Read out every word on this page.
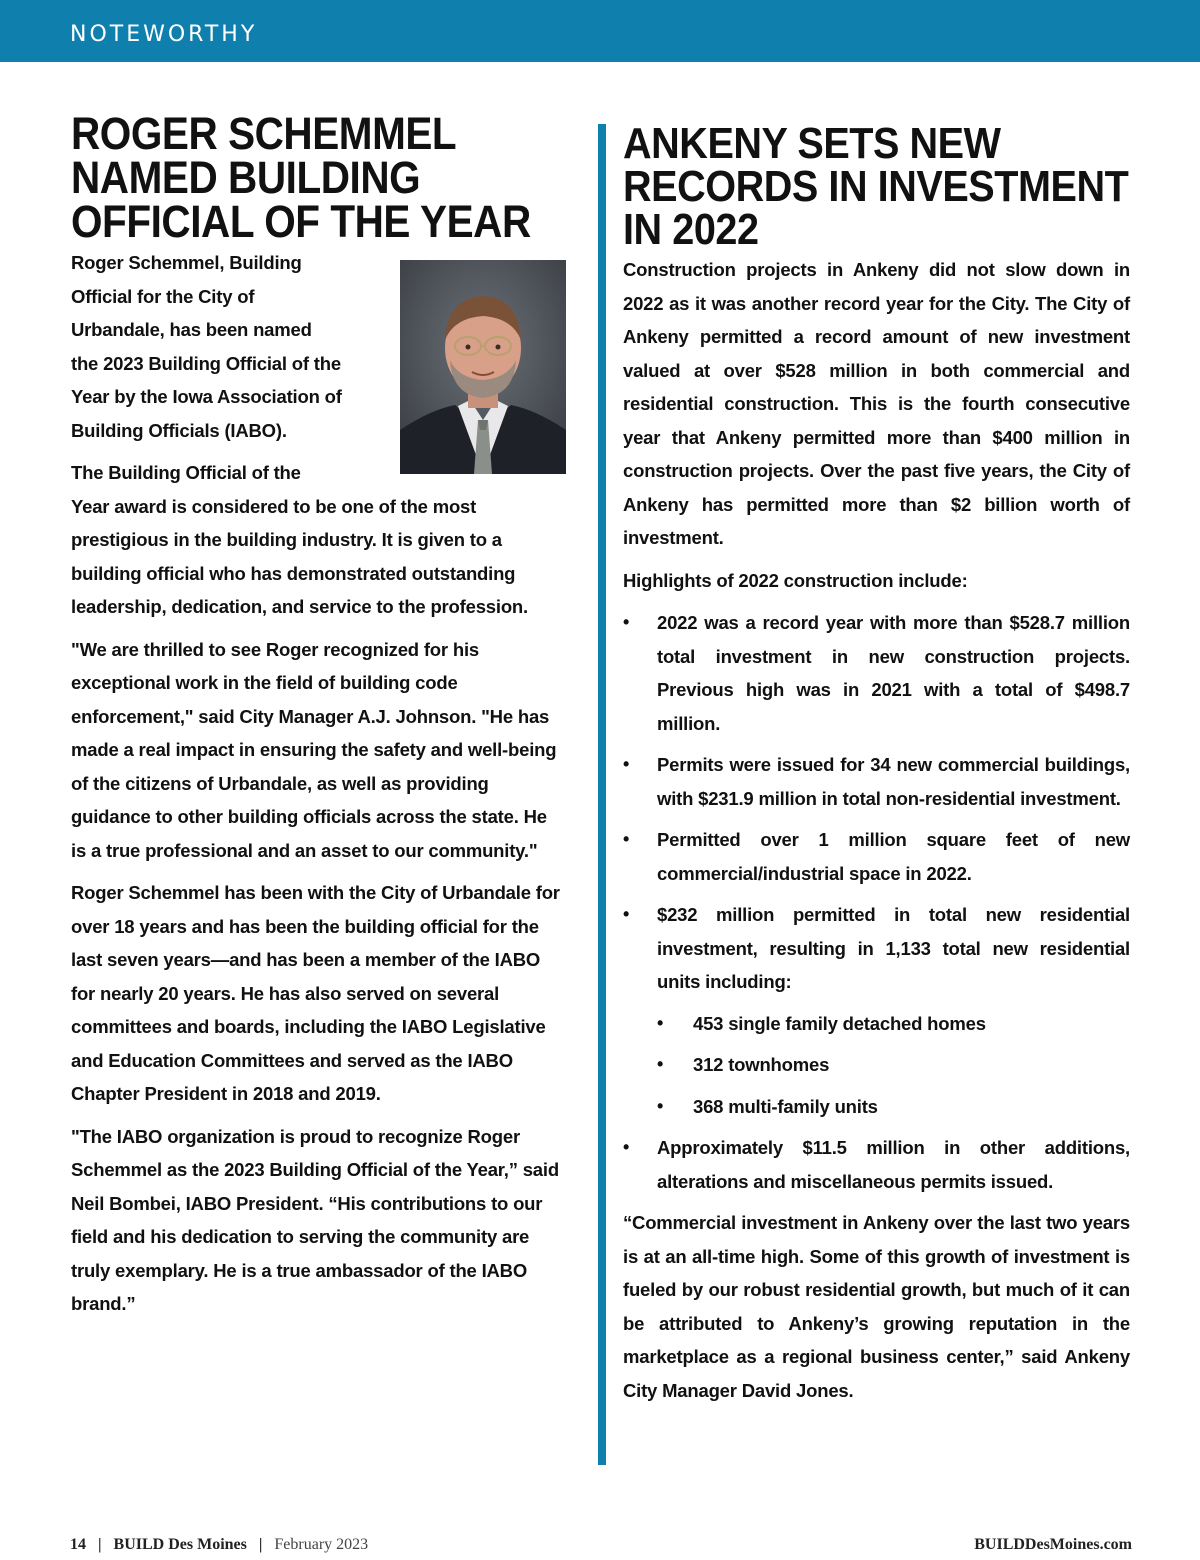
NOTEWORTHY
ROGER SCHEMMEL
NAMED BUILDING
OFFICIAL OF THE YEAR

Roger Schemmel, Building
Official for the City of
Urbandale, has been named
the 2023 Building Official of the
Year by the Iowa Association of
Building Officials (IABO).

The Building Official of the
Year award is considered to be one of the most prestigious in the building industry. It is given to a building official who has demonstrated outstanding leadership, dedication, and service to the profession.

"We are thrilled to see Roger recognized for his exceptional work in the field of building code enforcement," said City Manager A.J. Johnson. "He has made a real impact in ensuring the safety and well-being of the citizens of Urbandale, as well as providing guidance to other building officials across the state. He is a true professional and an asset to our community."

Roger Schemmel has been with the City of Urbandale for over 18 years and has been the building official for the last seven years—and has been a member of the IABO for nearly 20 years. He has also served on several committees and boards, including the IABO Legislative and Education Committees and served as the IABO Chapter President in 2018 and 2019.

"The IABO organization is proud to recognize Roger Schemmel as the 2023 Building Official of the Year,” said Neil Bombei, IABO President. “His contributions to our field and his dedication to serving the community are truly exemplary. He is a true ambassador of the IABO brand.”

ANKENY SETS NEW
RECORDS IN INVESTMENT
IN 2022

Construction projects in Ankeny did not slow down in 2022 as it was another record year for the City. The City of Ankeny permitted a record amount of new investment valued at over $528 million in both commercial and residential construction. This is the fourth consecutive year that Ankeny permitted more than $400 million in construction projects. Over the past five years, the City of Ankeny has permitted more than $2 billion worth of investment.

Highlights of 2022 construction include:

• 2022 was a record year with more than $528.7 million total investment in new construction projects. Previous high was in 2021 with a total of $498.7 million.
• Permits were issued for 34 new commercial buildings, with $231.9 million in total non-residential investment.
• Permitted over 1 million square feet of new commercial/industrial space in 2022.
• $232 million permitted in total new residential investment, resulting in 1,133 total new residential units including:
• 453 single family detached homes
• 312 townhomes
• 368 multi-family units
• Approximately $11.5 million in other additions, alterations and miscellaneous permits issued.

“Commercial investment in Ankeny over the last two years is at an all-time high. Some of this growth of investment is fueled by our robust residential growth, but much of it can be attributed to Ankeny’s growing reputation in the marketplace as a regional business center,” said Ankeny City Manager David Jones.

14 | BUILD Des Moines | February 2023	BUILDDesMoines.com
